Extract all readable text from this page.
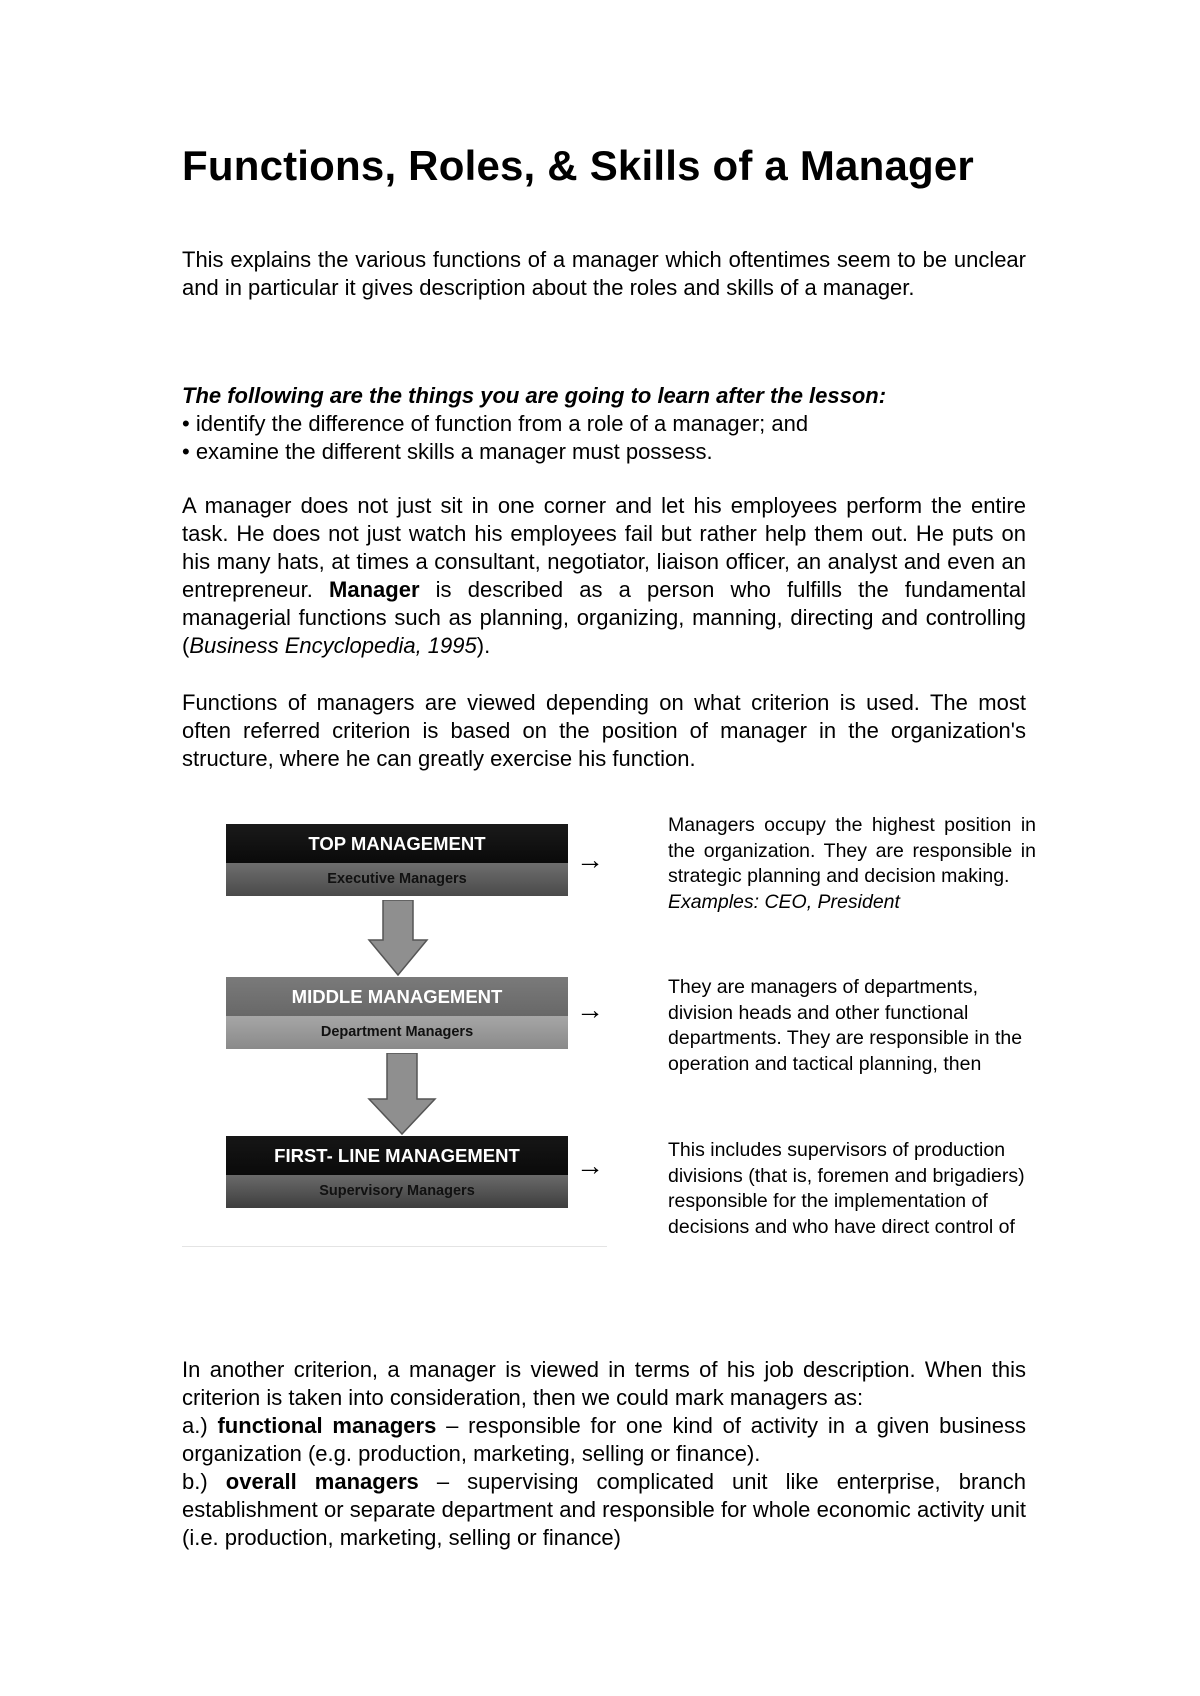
Functions, Roles, & Skills of a Manager
This explains the various functions of a manager which oftentimes seem to be unclear and in particular it gives description about the roles and skills of a manager.

The following are the things you are going to learn after the lesson:

• identify the difference of function from a role of a manager; and

• examine the different skills a manager must possess.

A manager does not just sit in one corner and let his employees perform the entire task. He does not just watch his employees fail but rather help them out. He puts on his many hats, at times a consultant, negotiator, liaison officer, an analyst and even an entrepreneur. Manager is described as a person who fulfills the fundamental managerial functions such as planning, organizing, manning, directing and controlling (Business Encyclopedia, 1995).
Functions of managers are viewed depending on what criterion is used. The most often referred criterion is based on the position of manager in the organization's structure, where he can greatly exercise his function.
TOP MANAGEMENT
Executive Managers
MIDDLE MANAGEMENT
Department Managers
FIRST- LINE MANAGEMENT
Supervisory Managers
→
→
→
Managers occupy the highest position in the organization. They are responsible in strategic planning and decision making.
Examples: CEO, President
They are managers of departments, division heads and other functional departments. They are responsible in the
operation and tactical planning, then
This includes supervisors of production divisions (that is, foremen and brigadiers) responsible for the implementation of decisions and who have direct control of

In another criterion, a manager is viewed in terms of his job description. When this criterion is taken into consideration, then we could mark managers as:

a.) functional managers – responsible for one kind of activity in a given business organization (e.g. production, marketing, selling or finance).

b.) overall managers – supervising complicated unit like enterprise, branch establishment or separate department and responsible for whole economic activity unit (i.e. production, marketing, selling or finance)
